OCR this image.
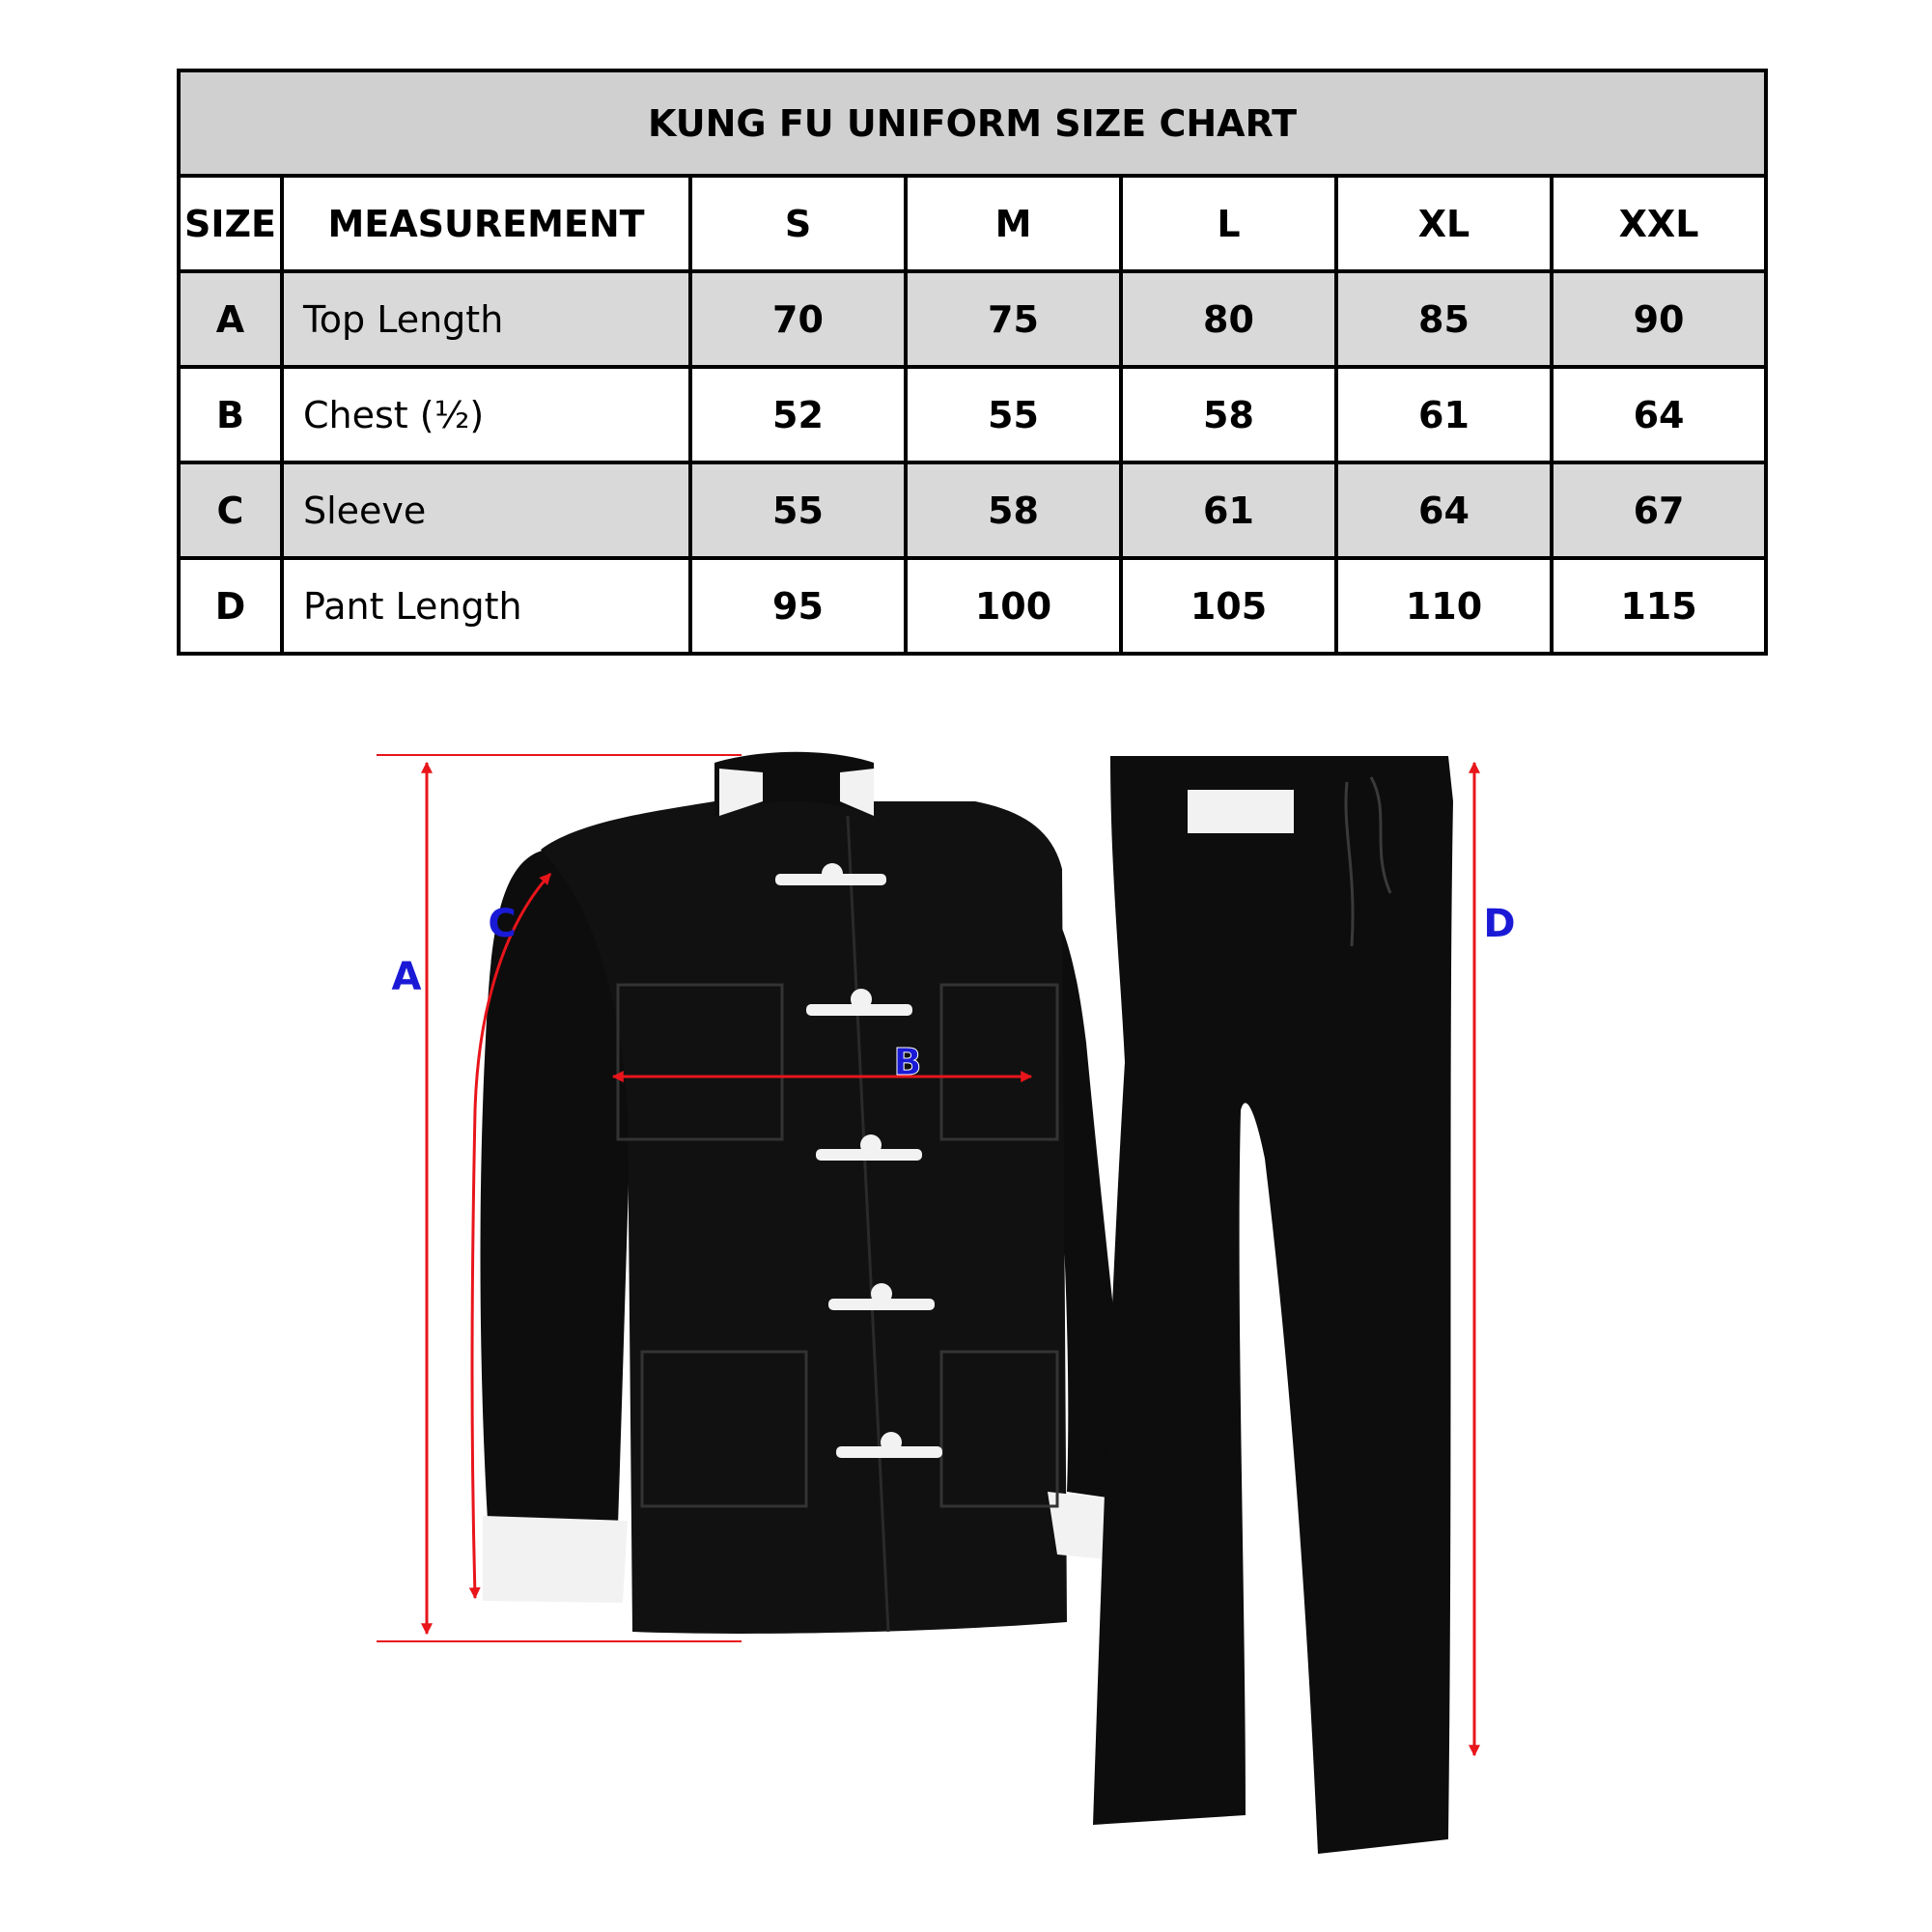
KUNG FU UNIFORM SIZE CHART						
SIZE	MEASUREMENT	S	M	L	XL	XXL
A	Top Length	70	75	80	85	90
B	Chest (½)	52	55	58	61	64
C	Sleeve	55	58	61	64	67
D	Pant Length	95	100	105	110	115
A
B
C	D
